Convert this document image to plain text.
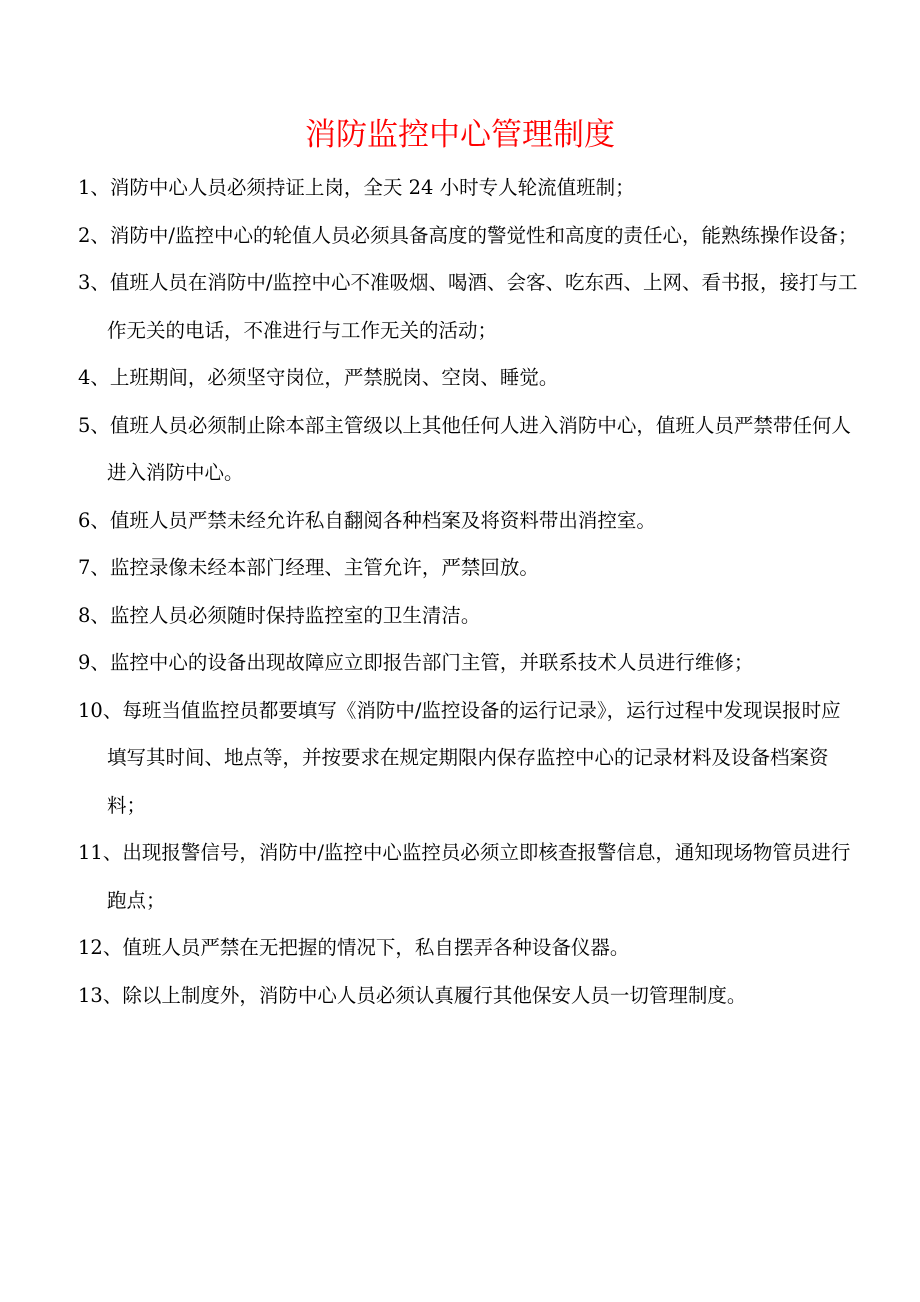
消防监控中心管理制度
1、消防中心人员必须持证上岗，全天 24 小时专人轮流值班制；
2、消防中/监控中心的轮值人员必须具备高度的警觉性和高度的责任心，能熟练操作设备；
3、值班人员在消防中/监控中心不准吸烟、喝酒、会客、吃东西、上网、看书报，接打与工作无关的电话，不准进行与工作无关的活动；
4、上班期间，必须坚守岗位，严禁脱岗、空岗、睡觉。
5、值班人员必须制止除本部主管级以上其他任何人进入消防中心，值班人员严禁带任何人进入消防中心。
6、值班人员严禁未经允许私自翻阅各种档案及将资料带出消控室。
7、监控录像未经本部门经理、主管允许，严禁回放。
8、监控人员必须随时保持监控室的卫生清洁。
9、监控中心的设备出现故障应立即报告部门主管，并联系技术人员进行维修；
10、每班当值监控员都要填写《消防中/监控设备的运行记录》，运行过程中发现误报时应填写其时间、地点等，并按要求在规定期限内保存监控中心的记录材料及设备档案资料；
11、出现报警信号，消防中/监控中心监控员必须立即核查报警信息，通知现场物管员进行跑点；
12、值班人员严禁在无把握的情况下，私自摆弄各种设备仪器。
13、除以上制度外，消防中心人员必须认真履行其他保安人员一切管理制度。
